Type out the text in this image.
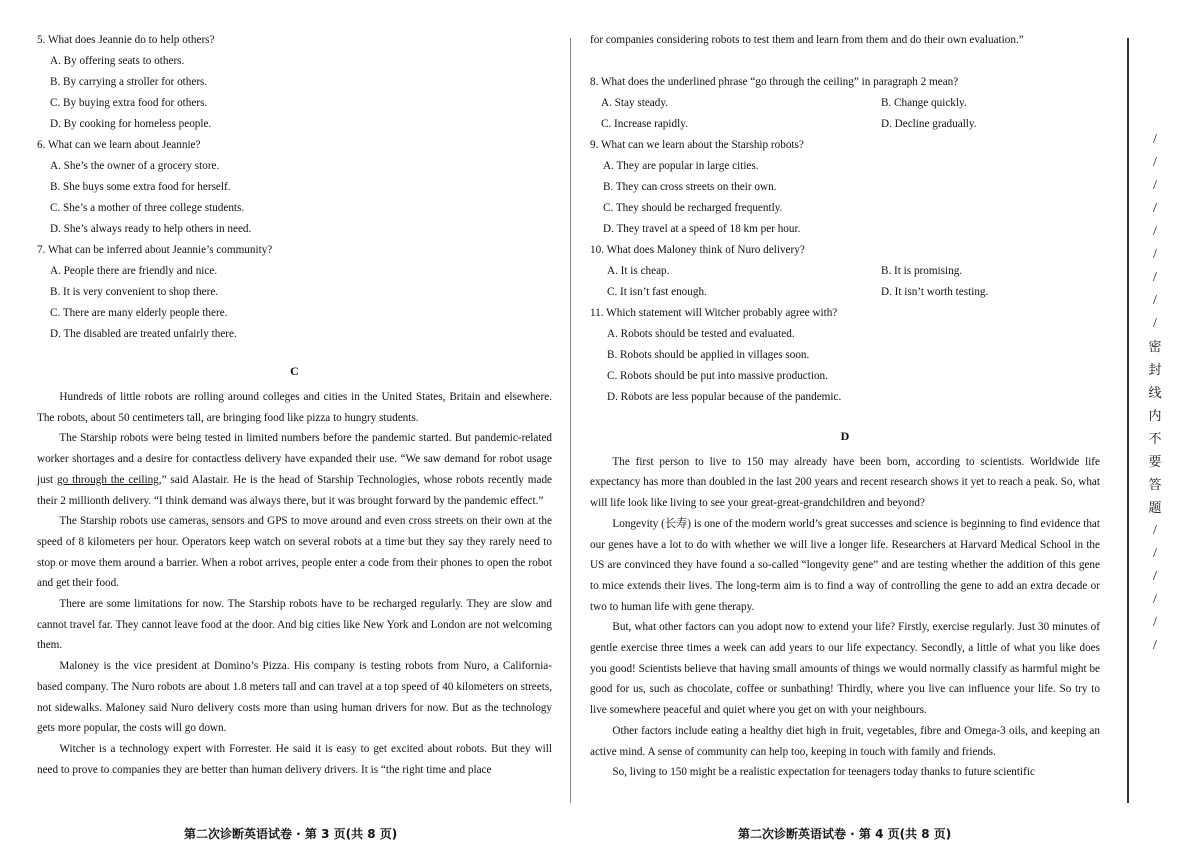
5. What does Jeannie do to help others?

A. By offering seats to others.

B. By carrying a stroller for others.

C. By buying extra food for others.

D. By cooking for homeless people.

6. What can we learn about Jeannie?

A. She’s the owner of a grocery store.

B. She buys some extra food for herself.

C. She’s a mother of three college students.

D. She’s always ready to help others in need.

7. What can be inferred about Jeannie’s community?

A. People there are friendly and nice.

B. It is very convenient to shop there.

C. There are many elderly people there.

D. The disabled are treated unfairly there.

C

Hundreds of little robots are rolling around colleges and cities in the United States, Britain and elsewhere. The robots, about 50 centimeters tall, are bringing food like pizza to hungry students.

The Starship robots were being tested in limited numbers before the pandemic started. But pandemic-related worker shortages and a desire for contactless delivery have expanded their use. “We saw demand for robot usage just go through the ceiling,” said Alastair. He is the head of Starship Technologies, whose robots recently made their 2 millionth delivery. “I think demand was always there, but it was brought forward by the pandemic effect.”

The Starship robots use cameras, sensors and GPS to move around and even cross streets on their own at the speed of 8 kilometers per hour. Operators keep watch on several robots at a time but they say they rarely need to stop or move them around a barrier. When a robot arrives, people enter a code from their phones to open the robot and get their food.

There are some limitations for now. The Starship robots have to be recharged regularly. They are slow and cannot travel far. They cannot leave food at the door. And big cities like New York and London are not welcoming them.

Maloney is the vice president at Domino’s Pizza. His company is testing robots from Nuro, a California-based company. The Nuro robots are about 1.8 meters tall and can travel at a top speed of 40 kilometers on streets, not sidewalks. Maloney said Nuro delivery costs more than using human drivers for now. But as the technology gets more popular, the costs will go down.

Witcher is a technology expert with Forrester. He said it is easy to get excited about robots. But they will need to prove to companies they are better than human delivery drivers. It is “the right time and place

for companies considering robots to test them and learn from them and do their own evaluation.”

8. What does the underlined phrase “go through the ceiling” in paragraph 2 mean?

A. Stay steady.	B. Change quickly.

C. Increase rapidly.	D. Decline gradually.

9. What can we learn about the Starship robots?

A. They are popular in large cities.

B. They can cross streets on their own.

C. They should be recharged frequently.

D. They travel at a speed of 18 km per hour.

10. What does Maloney think of Nuro delivery?

A. It is cheap.	B. It is promising.

C. It isn’t fast enough.	D. It isn’t worth testing.

11. Which statement will Witcher probably agree with?

A. Robots should be tested and evaluated.

B. Robots should be applied in villages soon.

C. Robots should be put into massive production.

D. Robots are less popular because of the pandemic.

D

The first person to live to 150 may already have been born, according to scientists. Worldwide life expectancy has more than doubled in the last 200 years and recent research shows it yet to reach a peak. So, what will life look like living to see your great-great-grandchildren and beyond?

Longevity (长寿) is one of the modern world’s great successes and science is beginning to find evidence that our genes have a lot to do with whether we will live a longer life. Researchers at Harvard Medical School in the US are convinced they have found a so-called “longevity gene” and are testing whether the addition of this gene to mice extends their lives. The long-term aim is to find a way of controlling the gene to add an extra decade or two to human life with gene therapy.

But, what other factors can you adopt now to extend your life? Firstly, exercise regularly. Just 30 minutes of gentle exercise three times a week can add years to our life expectancy. Secondly, a little of what you like does you good! Scientists believe that having small amounts of things we would normally classify as harmful might be good for us, such as chocolate, coffee or sunbathing! Thirdly, where you live can influence your life. So try to live somewhere peaceful and quiet where you get on with your neighbours.

Other factors include eating a healthy diet high in fruit, vegetables, fibre and Omega-3 oils, and keeping an active mind. A sense of community can help too, keeping in touch with family and friends.

So, living to 150 might be a realistic expectation for teenagers today thanks to future scientific

第二次诊断英语试卷 · 第 3 页(共 8 页)	第二次诊断英语试卷 · 第 4 页(共 8 页)
/
/
/
/
/
/
/
/
/
密
封
线
内
不
要
答
题
/
/
/
/
/
/
